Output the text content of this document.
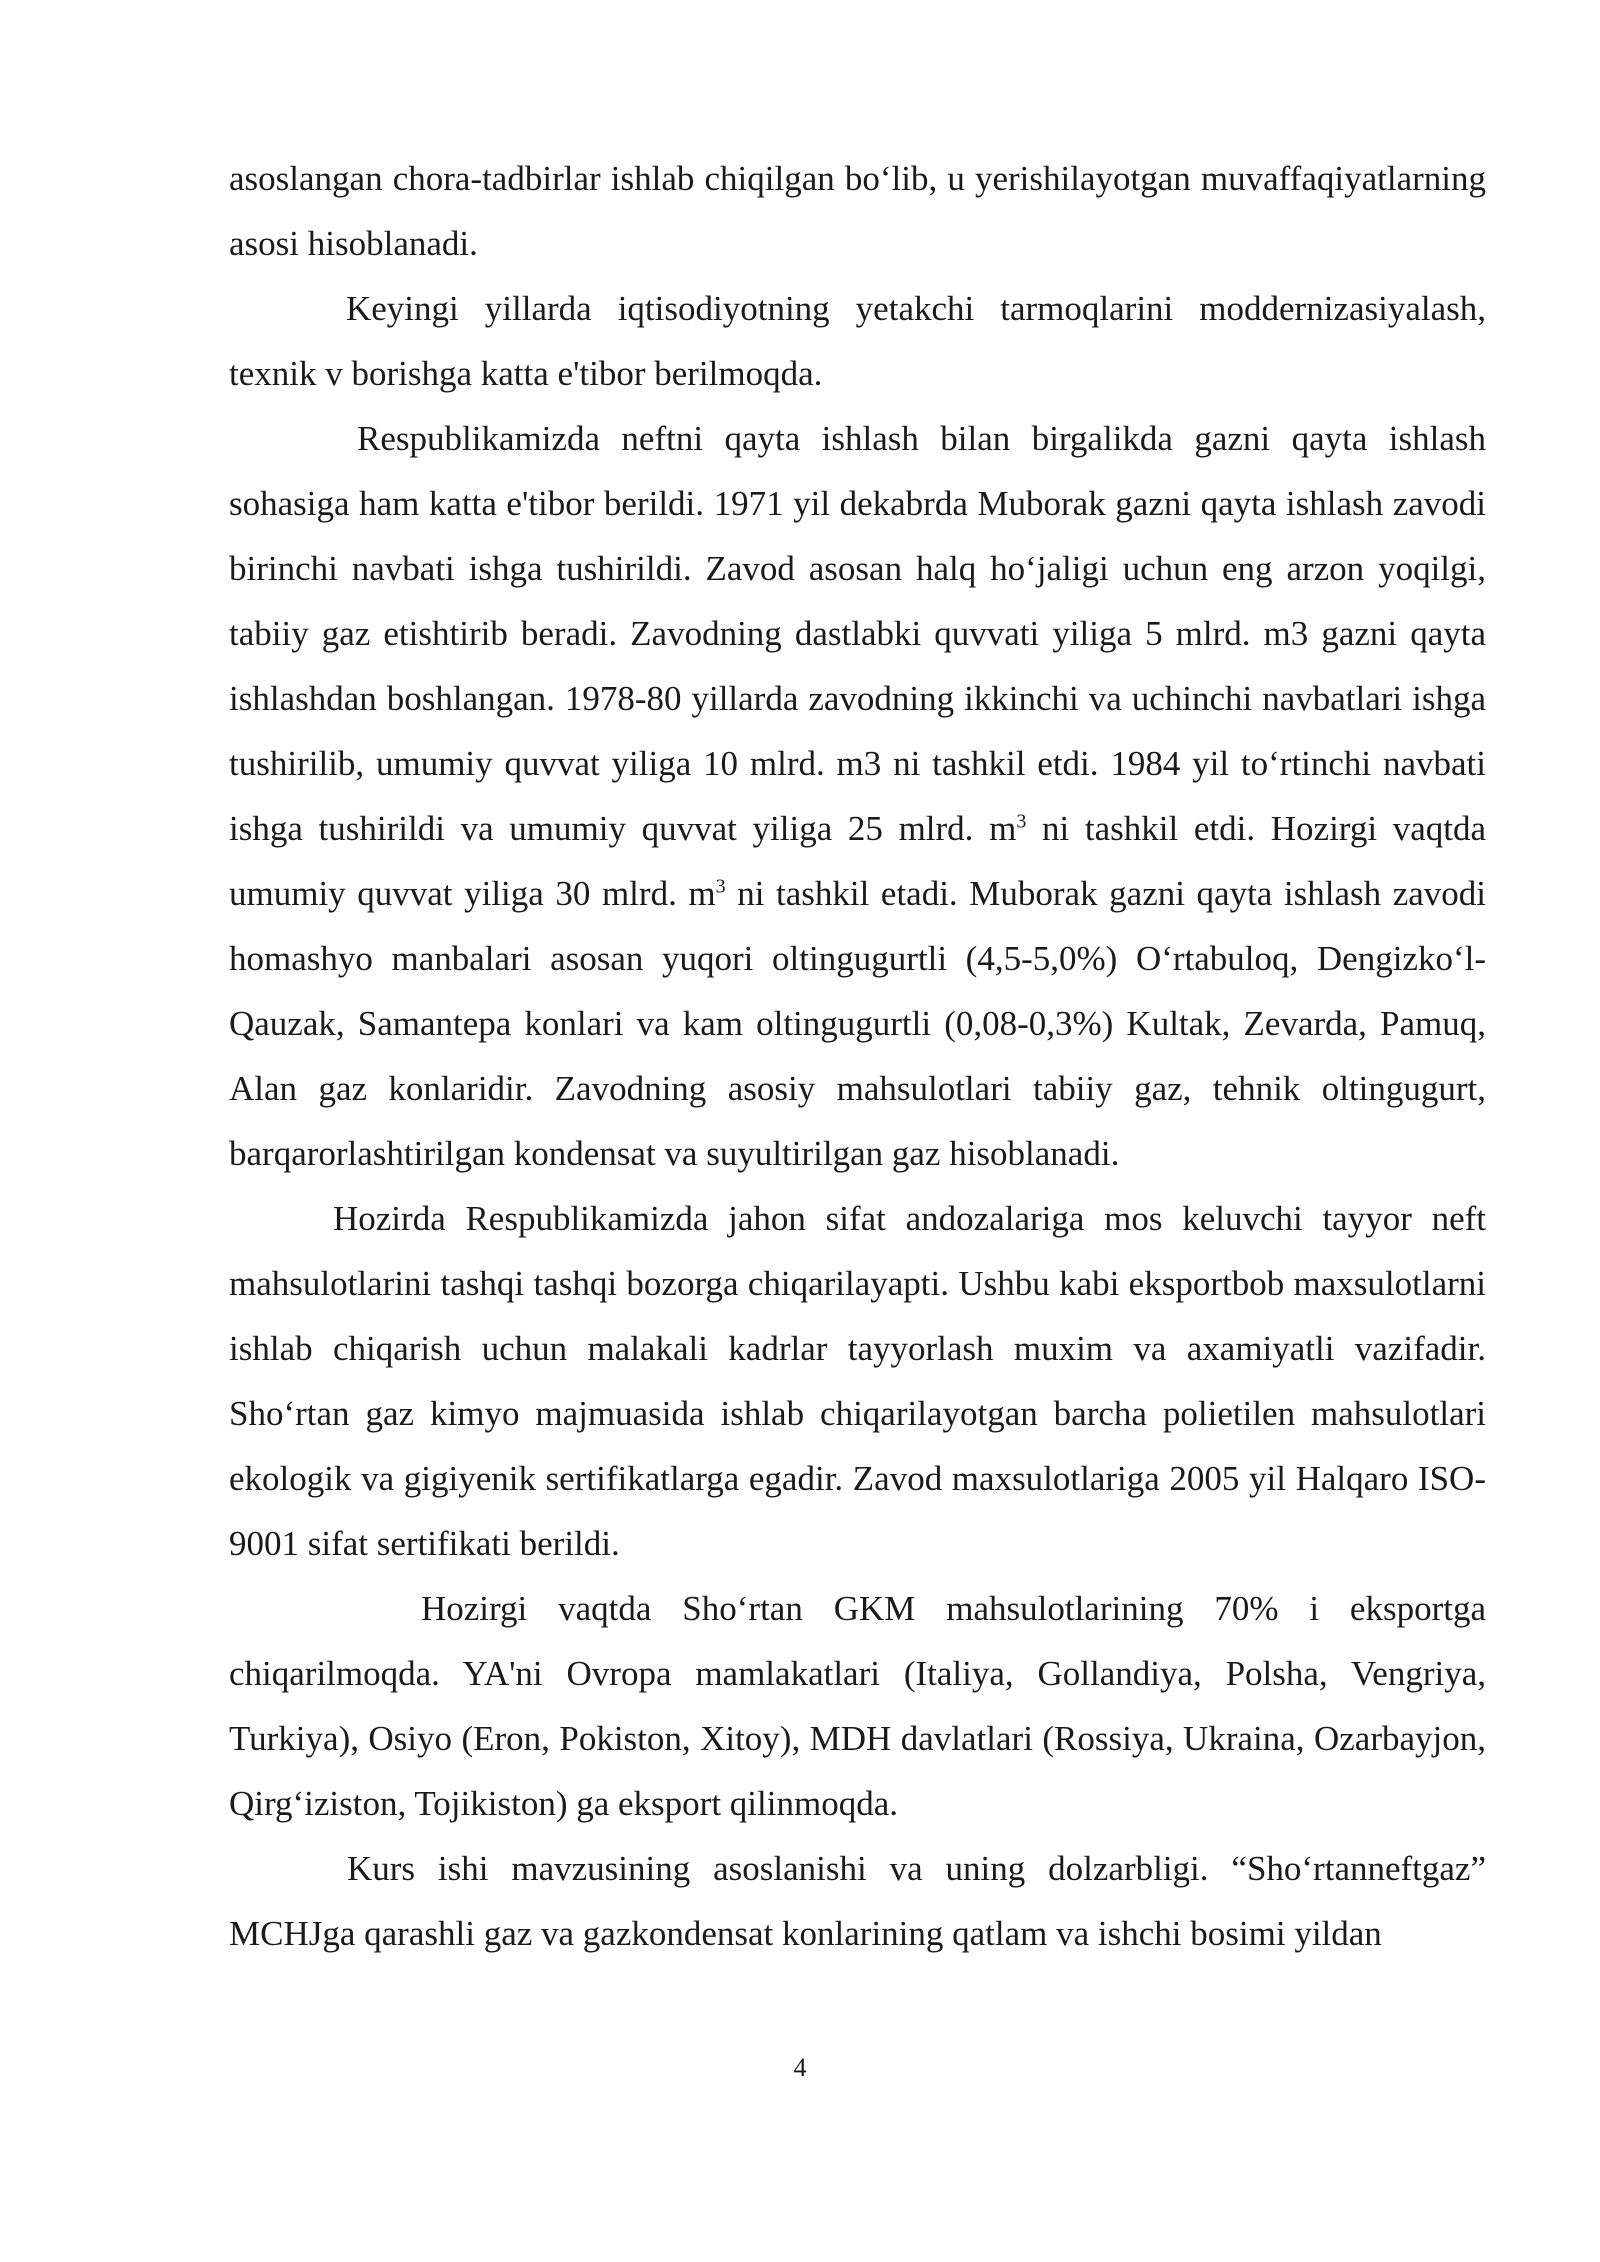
asoslangan chora-tadbirlar ishlab chiqilgan bo‘lib, u yerishilayotgan muvaffaqiyatlarning asosi hisoblanadi.

Keyingi yillarda iqtisodiyotning yetakchi tarmoqlarini moddernizasiyalash, texnik v borishga katta e'tibor berilmoqda.

Respublikamizda neftni qayta ishlash bilan birgalikda gazni qayta ishlash sohasiga ham katta e'tibor berildi. 1971 yil dekabrda Muborak gazni qayta ishlash zavodi birinchi navbati ishga tushirildi. Zavod asosan halq ho‘jaligi uchun eng arzon yoqilgi, tabiiy gaz etishtirib beradi. Zavodning dastlabki quvvati yiliga 5 mlrd. m3 gazni qayta ishlashdan boshlangan. 1978-80 yillarda zavodning ikkinchi va uchinchi navbatlari ishga tushirilib, umumiy quvvat yiliga 10 mlrd. m3 ni tashkil etdi. 1984 yil to‘rtinchi navbati ishga tushirildi va umumiy quvvat yiliga 25 mlrd. $m^3$ ni tashkil etdi. Hozirgi vaqtda umumiy quvvat yiliga 30 mlrd. $m^3$ ni tashkil etadi. Muborak gazni qayta ishlash zavodi homashyo manbalari asosan yuqori oltingugurtli (4,5-5,0%) O‘rtabuloq, Dengizko‘l-Qauzak, Samantepa konlari va kam oltingugurtli (0,08-0,3%) Kultak, Zevarda, Pamuq, Alan gaz konlaridir. Zavodning asosiy mahsulotlari tabiiy gaz, tehnik oltingugurt, barqarorlashtirilgan kondensat va suyultirilgan gaz hisoblanadi.

Hozirda Respublikamizda jahon sifat andozalariga mos keluvchi tayyor neft mahsulotlarini tashqi tashqi bozorga chiqarilayapti. Ushbu kabi eksportbob maxsulotlarni ishlab chiqarish uchun malakali kadrlar tayyorlash muxim va axamiyatli vazifadir. Sho‘rtan gaz kimyo majmuasida ishlab chiqarilayotgan barcha polietilen mahsulotlari ekologik va gigiyenik sertifikatlarga egadir. Zavod maxsulotlariga 2005 yil Halqaro ISO-9001 sifat sertifikati berildi.

Hozirgi vaqtda Sho‘rtan GKM mahsulotlarining 70% i eksportga chiqarilmoqda. YA'ni Ovropa mamlakatlari (Italiya, Gollandiya, Polsha, Vengriya, Turkiya), Osiyo (Eron, Pokiston, Xitoy), MDH davlatlari (Rossiya, Ukraina, Ozarbayjon, Qirg‘iziston, Tojikiston) ga eksport qilinmoqda.

Kurs ishi mavzusining asoslanishi va uning dolzarbligi. “Sho‘rtanneftgaz” MCHJga qarashli gaz va gazkondensat konlarining qatlam va ishchi bosimi yildan

4
